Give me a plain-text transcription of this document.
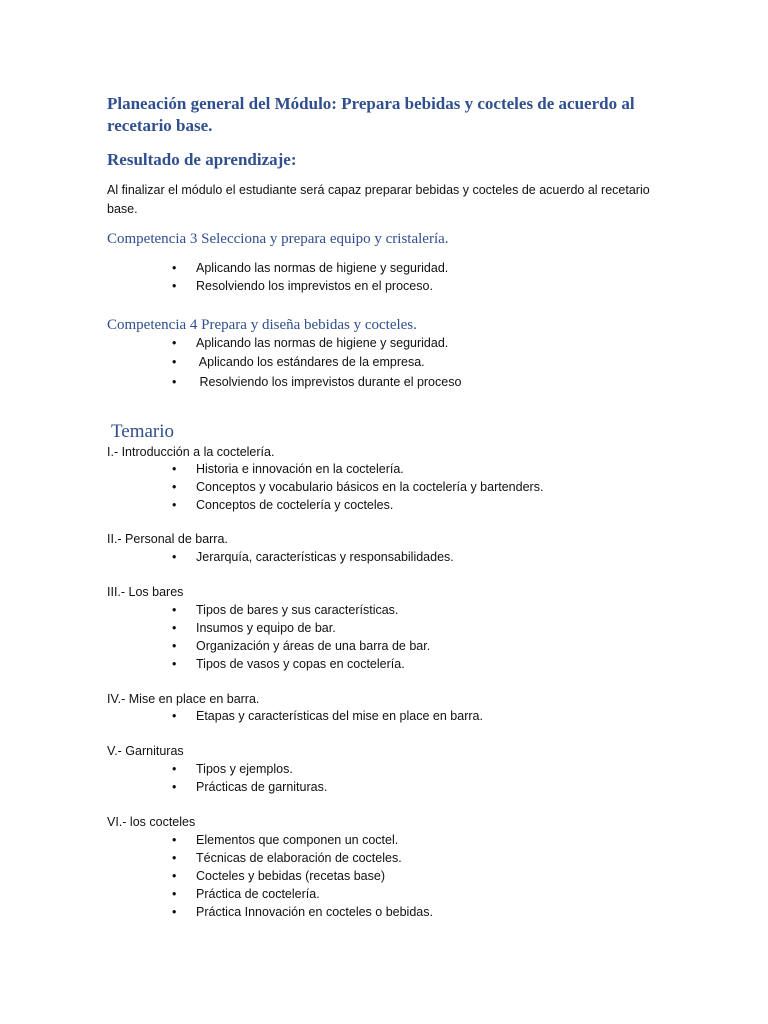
Planeación general del Módulo: Prepara bebidas y cocteles de acuerdo al recetario base.
Resultado de aprendizaje:

Al finalizar el módulo el estudiante será capaz preparar bebidas y cocteles de acuerdo al recetario base.

Competencia 3 Selecciona y prepara equipo y cristalería.
• Aplicando las normas de higiene y seguridad.
• Resolviendo los imprevistos en el proceso.
Competencia 4 Prepara y diseña bebidas y cocteles.
• Aplicando las normas de higiene y seguridad.
•  Aplicando los estándares de la empresa.
•  Resolviendo los imprevistos durante el proceso
Temario

I.- Introducción a la coctelería.

• Historia e innovación en la coctelería.
• Conceptos y vocabulario básicos en la coctelería y bartenders.
• Conceptos de coctelería y cocteles.

II.- Personal de barra.

• Jerarquía, características y responsabilidades.

III.- Los bares

• Tipos de bares y sus características.
• Insumos y equipo de bar.
• Organización y áreas de una barra de bar.
• Tipos de vasos y copas en coctelería.

IV.- Mise en place en barra.

• Etapas y características del mise en place en barra.

V.- Garnituras

• Tipos y ejemplos.
• Prácticas de garnituras.

VI.- los cocteles

• Elementos que componen un coctel.
• Técnicas de elaboración de cocteles.
• Cocteles y bebidas (recetas base)
• Práctica de coctelería.
• Práctica Innovación en cocteles o bebidas.
